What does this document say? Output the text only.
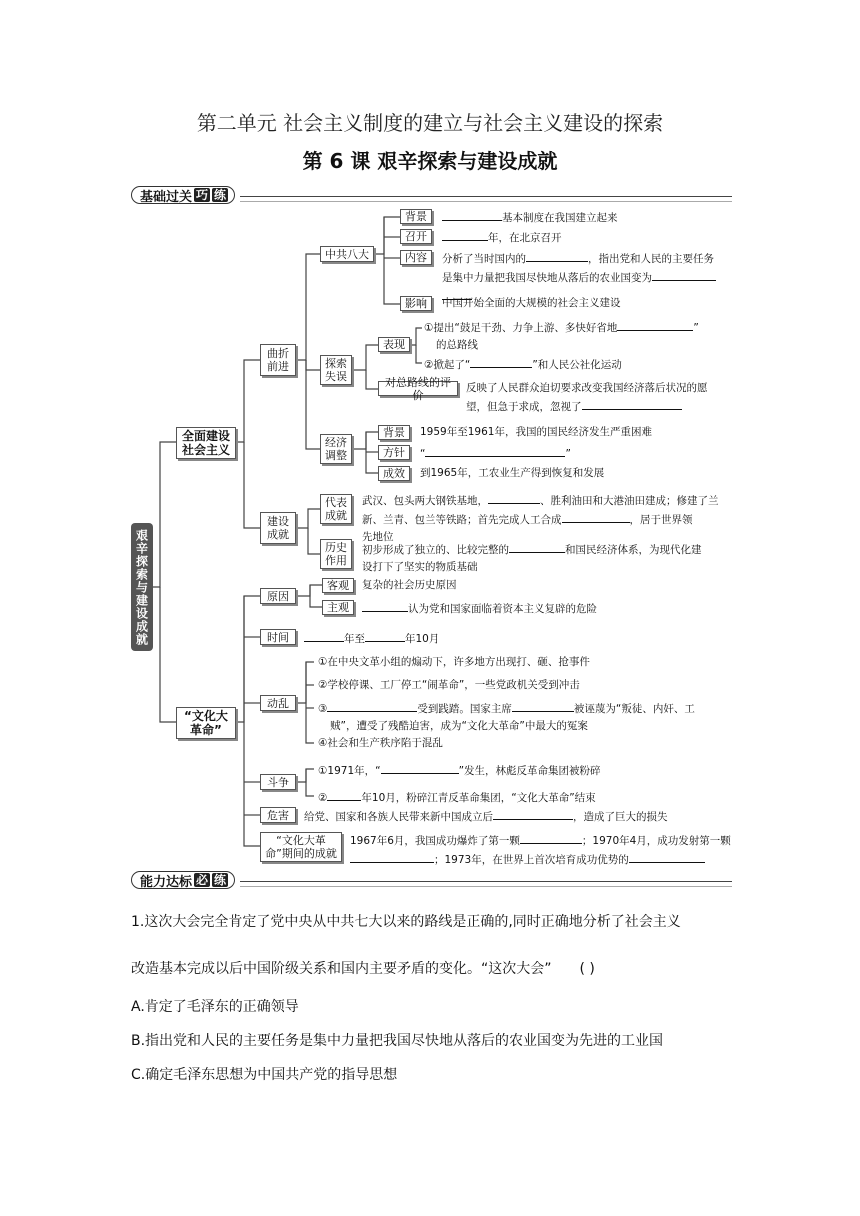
第二单元 社会主义制度的建立与社会主义建设的探索
第 6 课 艰辛探索与建设成就
基础过关 巧 练
艰辛探索与建设成就
全面建设社会主义
“文化大革命”
曲折前进
建设成就
中共八大
探索失误
经济调整
代表成就
历史作用
背景
召开
内容
影响
基本制度在我国建立起来
年，在北京召开
分析了当时国内的	，指出党和人民的主要任务
是集中力量把我国尽快地从落后的农业国变为

中国开始全面的大规模的社会主义建设
表现
对总路线的评价
①提出“鼓足干劲、力争上游、多快好省地	”
的总路线
②掀起了“	”和人民公社化运动
反映了人民群众迫切要求改变我国经济落后状况的愿
望，但急于求成，忽视了
背景
方针
成效
1959年至1961年，我国的国民经济发生严重困难
“	”
到1965年，工农业生产得到恢复和发展
武汉、包头两大钢铁基地，	、胜利油田和大港油田建成；修建了兰
新、兰青、包兰等铁路；首先完成人工合成	，居于世界领
先地位
初步形成了独立的、比较完整的	和国民经济体系，为现代化建
设打下了坚实的物质基础
原因
时间
动乱
斗争
危害
“文化大革命”期间的成就
客观
主观
复杂的社会历史原因
认为党和国家面临着资本主义复辟的危险
年至	年10月
①在中央文革小组的煽动下，许多地方出现打、砸、抢事件
②学校停课、工厂停工“闹革命”，一些党政机关受到冲击
③	受到践踏。国家主席	被诬蔑为“叛徒、内奸、工
贼”，遭受了残酷迫害，成为“文化大革命”中最大的冤案
④社会和生产秩序陷于混乱
①1971年，“	”发生，林彪反革命集团被粉碎
②	年10月，粉碎江青反革命集团，“文化大革命”结束
给党、国家和各族人民带来新中国成立后	，造成了巨大的损失
1967年6月，我国成功爆炸了第一颗	；1970年4月，成功发射第一颗
；1973年，在世界上首次培育成功优势的
能力达标 必 练
1.这次大会完全肯定了党中央从中共七大以来的路线是正确的,同时正确地分析了社会主义
改造基本完成以后中国阶级关系和国内主要矛盾的变化。“这次大会” ( )
A.肯定了毛泽东的正确领导
B.指出党和人民的主要任务是集中力量把我国尽快地从落后的农业国变为先进的工业国
C.确定毛泽东思想为中国共产党的指导思想
